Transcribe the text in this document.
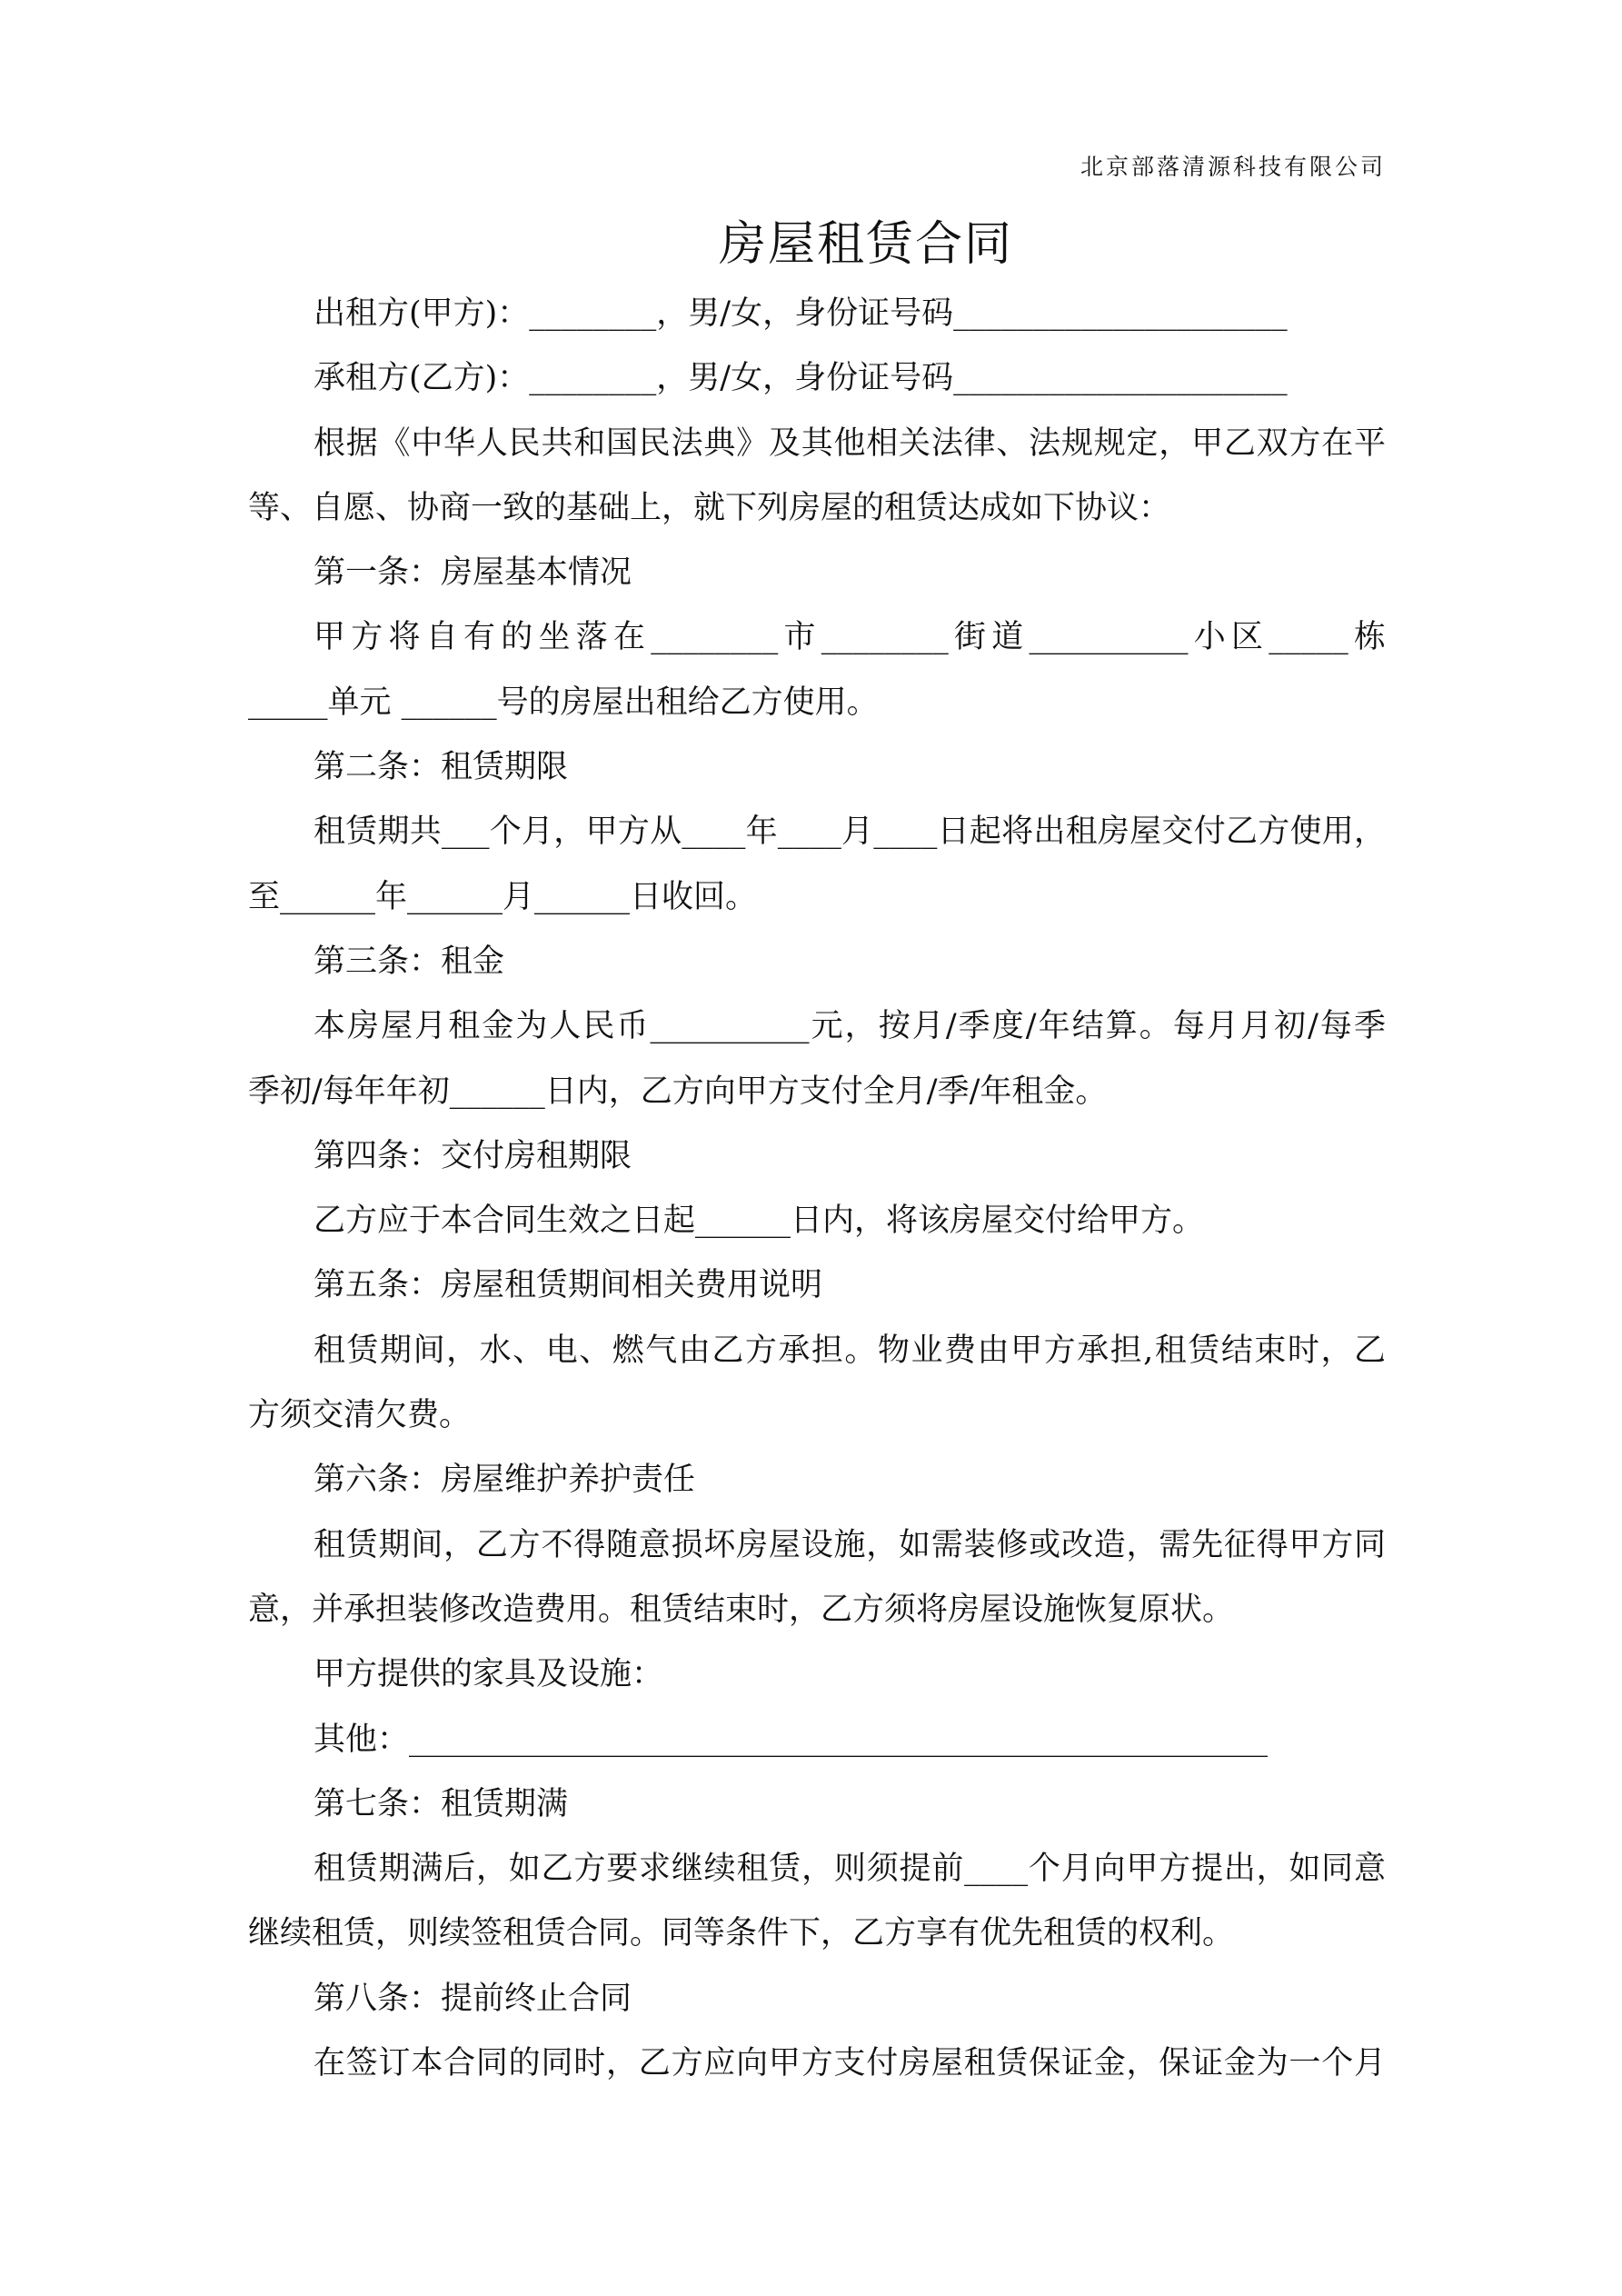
北京部落清源科技有限公司
房屋租赁合同
出租方(甲方)：________，男/女，身份证号码_____________________
承租方(乙方)：________，男/女，身份证号码_____________________
根据《中华人民共和国民法典》及其他相关法律、法规规定，甲乙双方在平
等、自愿、协商一致的基础上，就下列房屋的租赁达成如下协议：
第一条：房屋基本情况
甲方将自有的坐落在________市________街道__________小区_____栋
_____单元 ______号的房屋出租给乙方使用。
第二条：租赁期限
租赁期共___个月，甲方从____年____月____日起将出租房屋交付乙方使用，
至______年______月______日收回。
第三条：租金
本房屋月租金为人民币__________元，按月/季度/年结算。每月月初/每季
季初/每年年初______日内，乙方向甲方支付全月/季/年租金。
第四条：交付房租期限
乙方应于本合同生效之日起______日内，将该房屋交付给甲方。
第五条：房屋租赁期间相关费用说明
租赁期间，水、电、燃气由乙方承担。物业费由甲方承担,租赁结束时，乙
方须交清欠费。
第六条：房屋维护养护责任
租赁期间，乙方不得随意损坏房屋设施，如需装修或改造，需先征得甲方同
意，并承担装修改造费用。租赁结束时，乙方须将房屋设施恢复原状。
甲方提供的家具及设施：
其他：______________________________________________________
第七条：租赁期满
租赁期满后，如乙方要求继续租赁，则须提前____个月向甲方提出，如同意
继续租赁，则续签租赁合同。同等条件下，乙方享有优先租赁的权利。
第八条：提前终止合同
在签订本合同的同时，乙方应向甲方支付房屋租赁保证金，保证金为一个月
